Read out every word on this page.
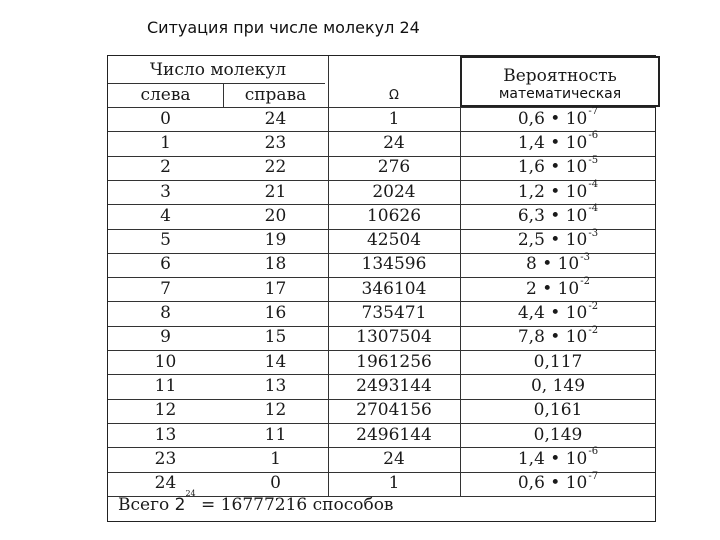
Ситуация при числе молекул 24
Число молекул
слева	справа	Ω
Вероятность
математическая
0	24	1	0,6 • $10^{-7}$
1	23	24	1,4 • $10^{-6}$
2	22	276	1,6 • $10^{-5}$
3	21	2024	1,2 • $10^{-4}$
4	20	10626	6,3 • $10^{-4}$
5	19	42504	2,5 • $10^{-3}$
6	18	134596	8 • $10^{-3}$
7	17	346104	2 • $10^{-2}$
8	16	735471	4,4 • $10^{-2}$
9	15	1307504	7,8 • $10^{-2}$
10	14	1961256	0,117
11	13	2493144	0, 149
12	12	2704156	0,161
13	11	2496144	0,149
23	1	24	1,4 • $10^{-6}$
24	0	1	0,6 • $10^{-7}$
Всего $2^{24} = 16777216$ способов
